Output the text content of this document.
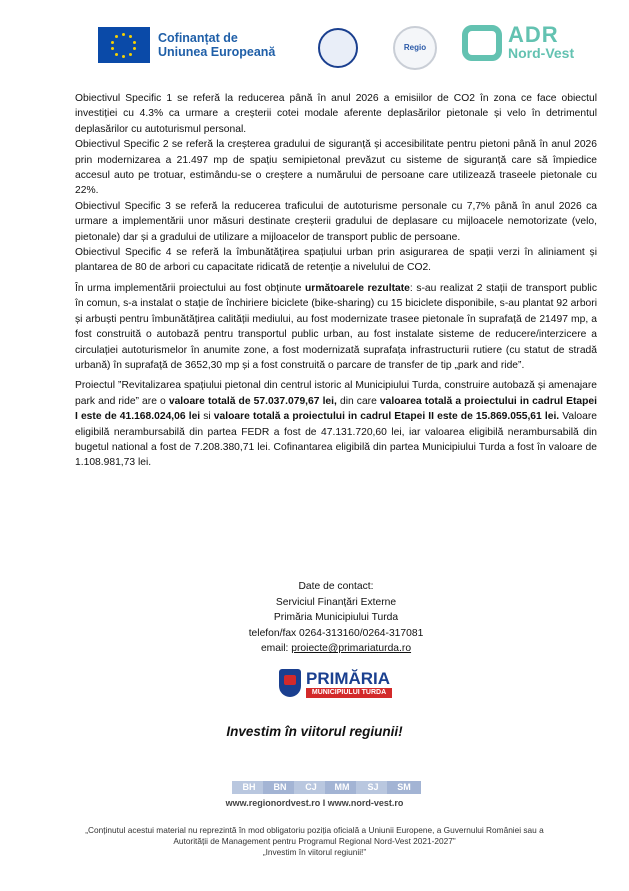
Cofinanțat de
Uniunea Europeană	Regio
ADR
Nord-Vest

Obiectivul Specific 1 se referă la reducerea până în anul 2026 a emisiilor de CO2 în zona ce face obiectul investiției cu 4.3% ca urmare a creșterii cotei modale aferente deplasărilor pietonale și velo în detrimentul deplasărilor cu autoturismul personal.

Obiectivul Specific 2 se referă la creșterea gradului de siguranță și accesibilitate pentru pietoni până în anul 2026 prin modernizarea a 21.497 mp de spațiu semipietonal prevăzut cu sisteme de siguranță care să împiedice accesul auto pe trotuar, estimându-se o creștere a numărului de persoane care utilizează traseele pietonale cu 22%.

Obiectivul Specific 3 se referă la reducerea traficului de autoturisme personale cu 7,7% până în anul 2026 ca urmare a implementării unor măsuri destinate creșterii gradului de deplasare cu mijloacele nemotorizate (velo, pietonale) dar și a gradului de utilizare a mijloacelor de transport public de persoane.

Obiectivul Specific 4 se referă la îmbunătățirea spațiului urban prin asigurarea de spații verzi în aliniament și plantarea de 80 de arbori cu capacitate ridicată de retenție a nivelului de CO2.

În urma implementării proiectului au fost obținute următoarele rezultate: s-au realizat 2 stații de transport public în comun, s-a instalat o stație de închiriere biciclete (bike-sharing) cu 15 biciclete disponibile, s-au plantat 92 arbori și arbuști pentru îmbunătățirea calității mediului, au fost modernizate trasee pietonale în suprafață de 21497 mp, a fost construită o autobază pentru transportul public urban, au fost instalate sisteme de reducere/interzicere a circulației autoturismelor în anumite zone, a fost modernizată suprafața infrastructurii rutiere (cu statut de stradă urbană) în suprafață de 3652,30 mp și a fost construită o parcare de transfer de tip „park and ride”.

Proiectul ”Revitalizarea spațiului pietonal din centrul istoric al Municipiului Turda, construire autobază și amenajare park and ride” are o valoare totală de 57.037.079,67 lei, din care valoarea totală a proiectului in cadrul Etapei I este de 41.168.024,06 lei si valoare totală a proiectului in cadrul Etapei II este de 15.869.055,61 lei. Valoare eligibilă nerambursabilă din partea FEDR a fost de 47.131.720,60 lei, iar valoarea eligibilă nerambursabilă din bugetul national a fost de 7.208.380,71 lei. Cofinantarea eligibilă din partea Municipiului Turda a fost în valoare de 1.108.981,73 lei.

Date de contact:
Serviciul Finanțări Externe
Primăria Municipiului Turda
telefon/fax 0264-313160/0264-317081
email: proiecte@primariaturda.ro
PRIMĂRIA
MUNICIPIULUI TURDA
Investim în viitorul regiunii!
BH	BN	CJ	MM	SJ	SM
www.regionordvest.ro I www.nord-vest.ro
„Conținutul acestui material nu reprezintă în mod obligatoriu poziția oficială a Uniunii Europene, a Guvernului României sau a Autorității de Management pentru Programul Regional Nord-Vest 2021-2027”
„Investim în viitorul regiunii!”
